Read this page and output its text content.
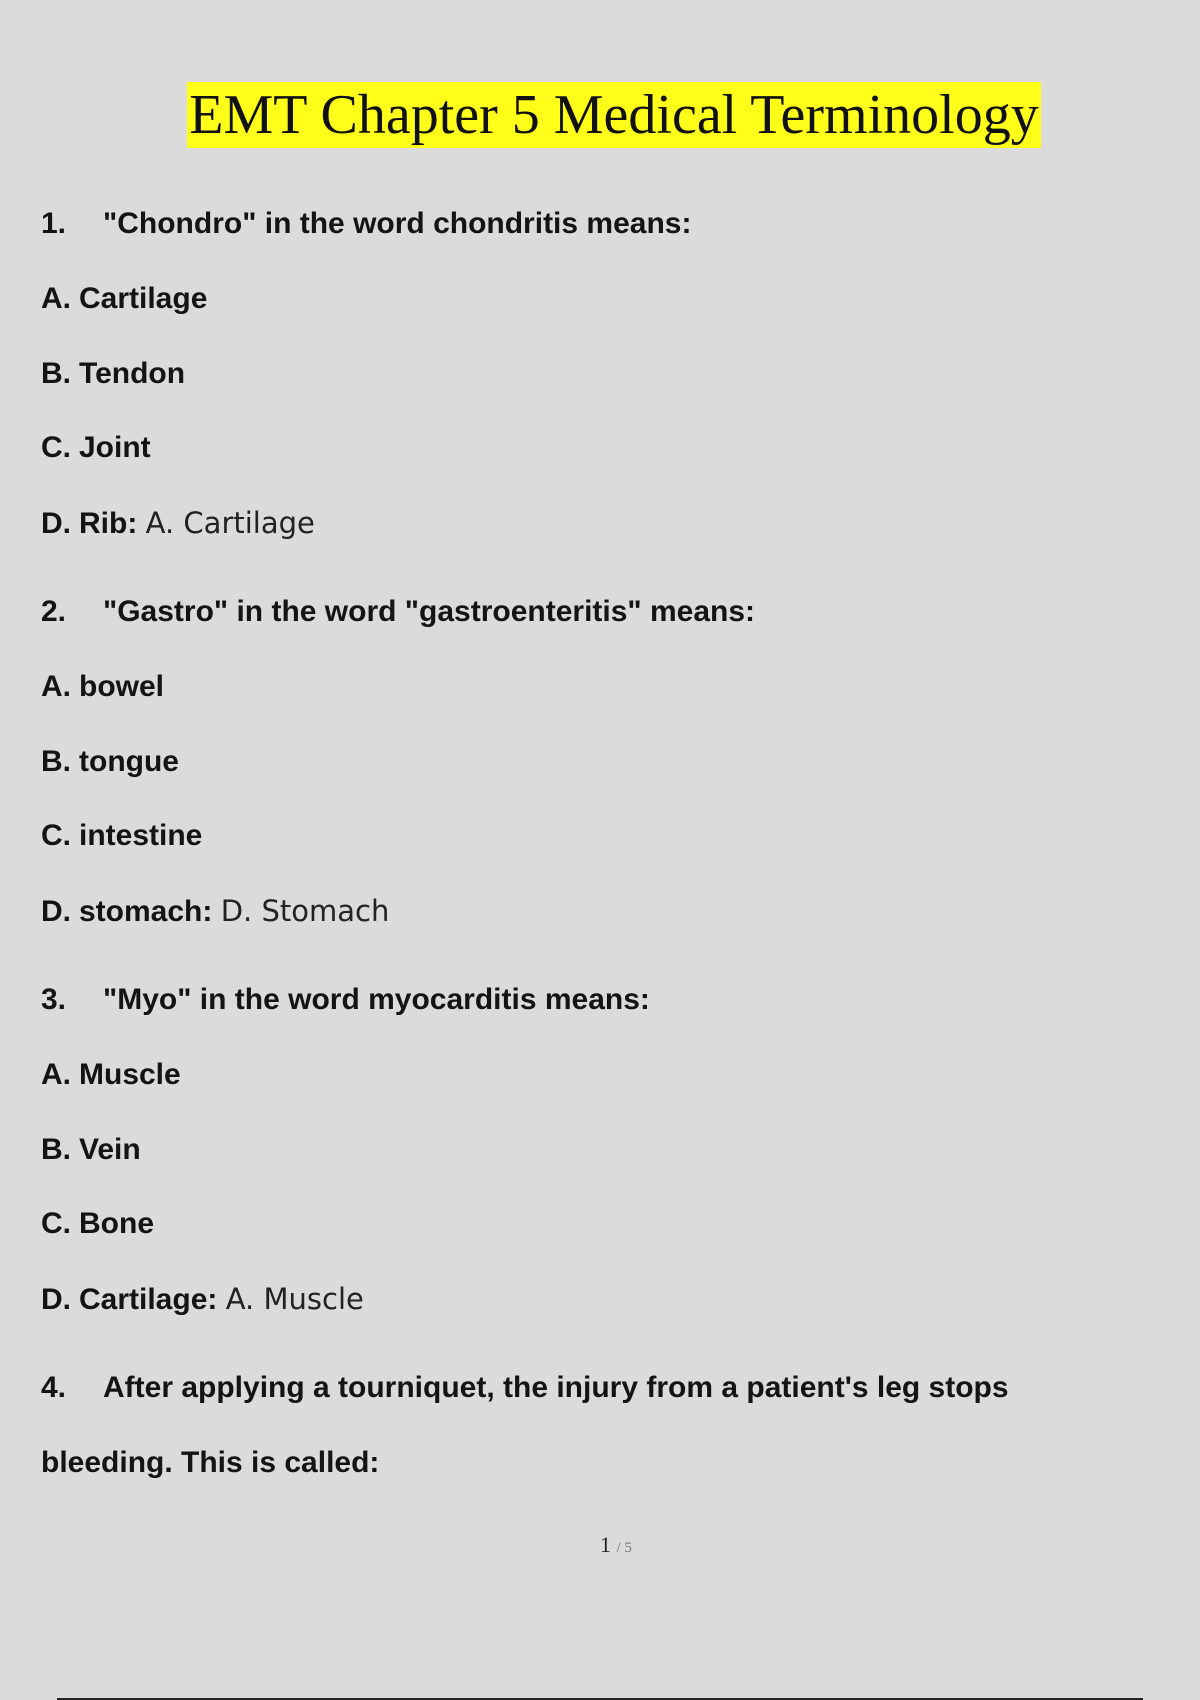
EMT Chapter 5 Medical Terminology
1. "Chondro" in the word chondritis means:
A. Cartilage
B. Tendon
C. Joint
D. Rib: A. Cartilage
2. "Gastro" in the word "gastroenteritis" means:
A. bowel
B. tongue
C. intestine
D. stomach: D. Stomach
3. "Myo" in the word myocarditis means:
A. Muscle
B. Vein
C. Bone
D. Cartilage: A. Muscle
4. After applying a tourniquet, the injury from a patient's leg stops
bleeding. This is called:
1 / 5
